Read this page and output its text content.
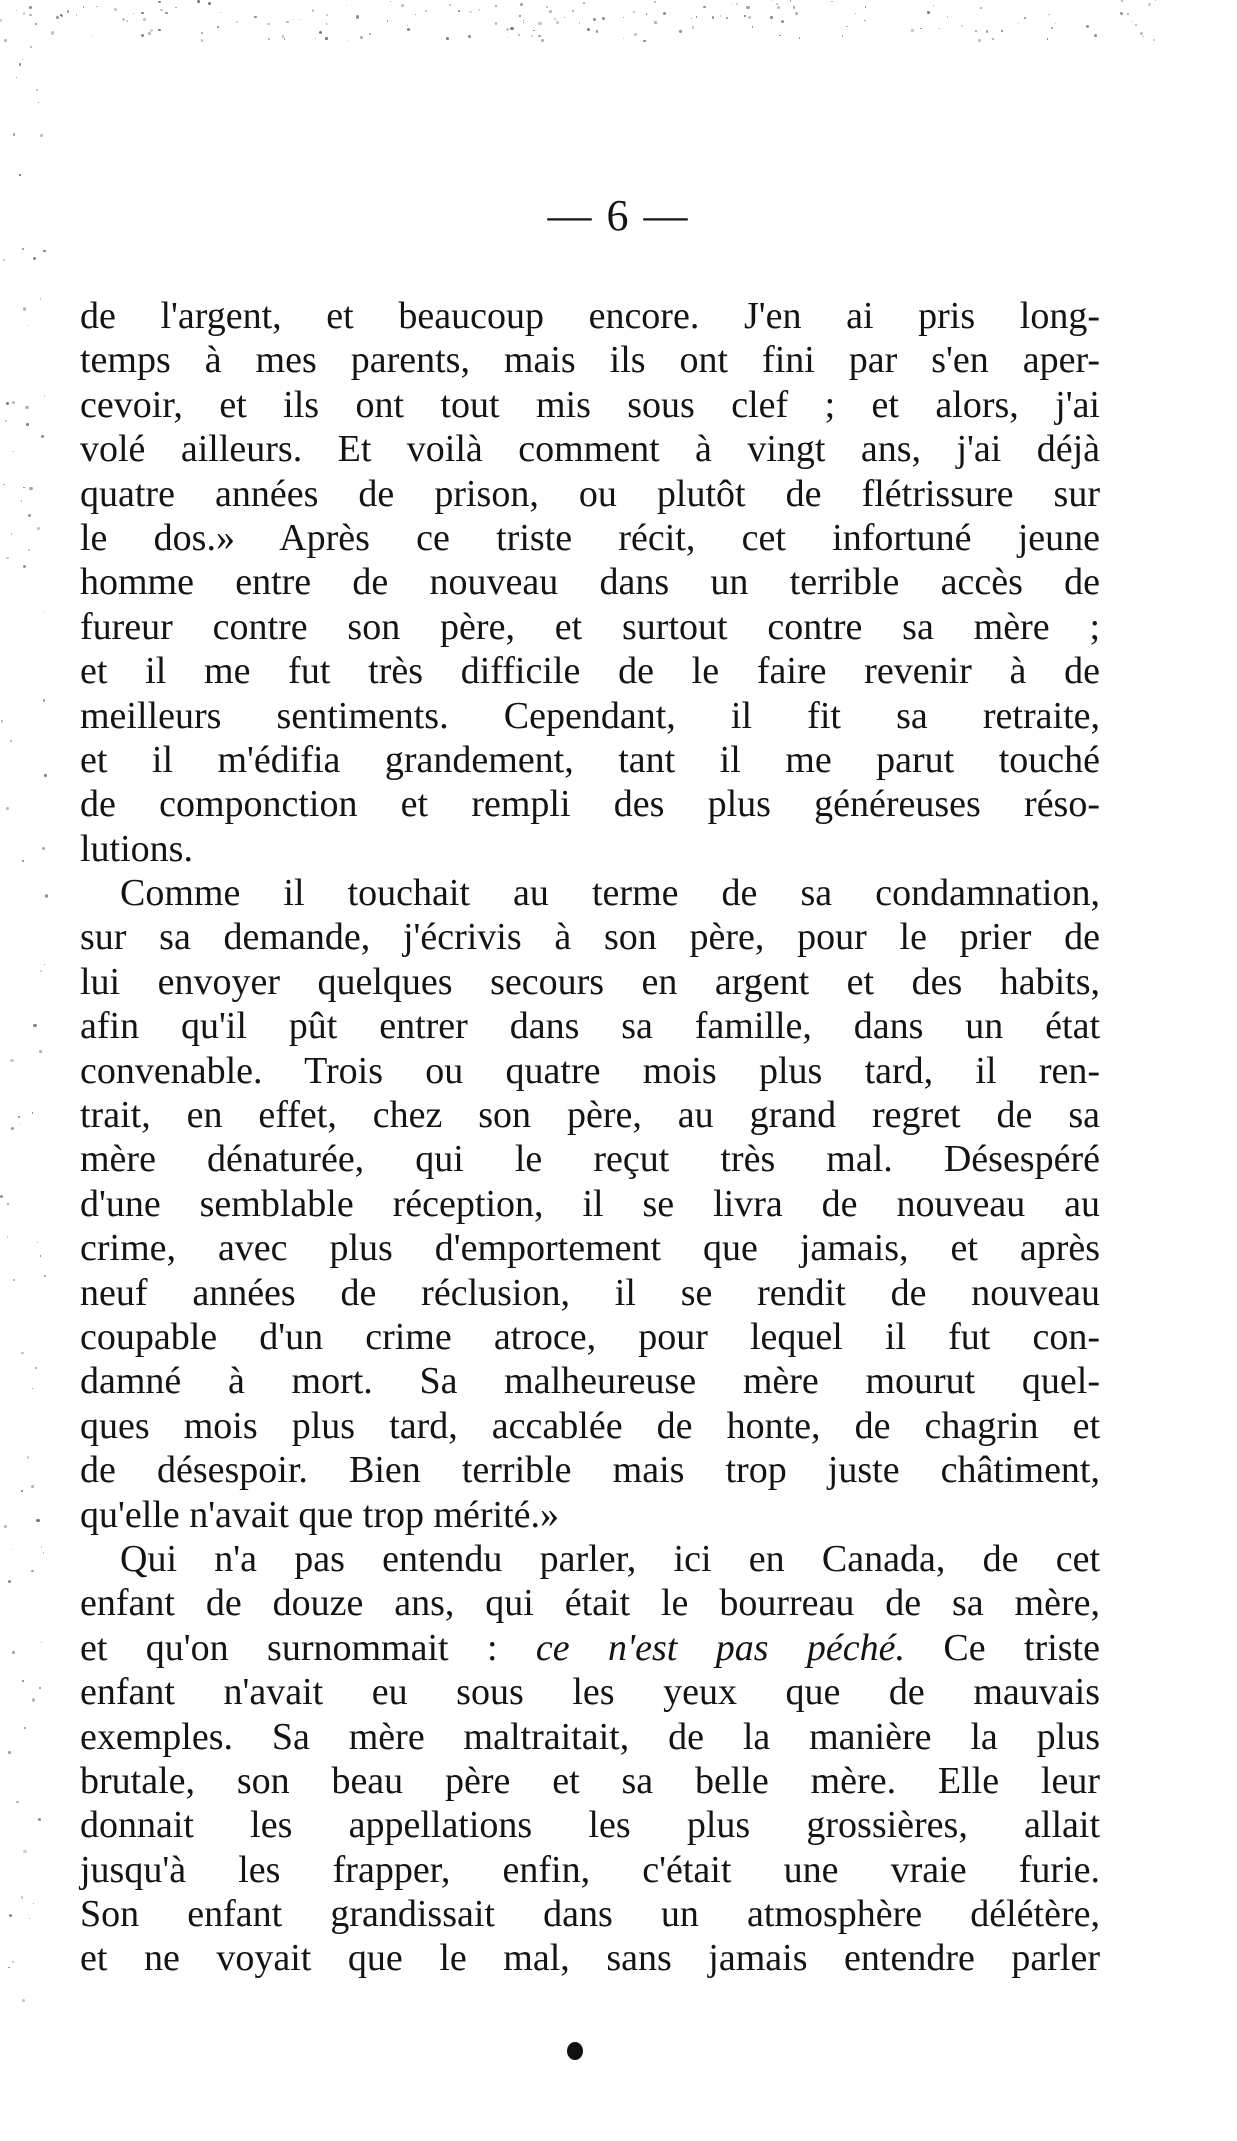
— 6 —
de l'argent, et beaucoup encore. J'en ai pris long-
temps à mes parents, mais ils ont fini par s'en aper-
cevoir, et ils ont tout mis sous clef ; et alors, j'ai
volé ailleurs. Et voilà comment à vingt ans, j'ai déjà
quatre années de prison, ou plutôt de flétrissure sur
le dos.» Après ce triste récit, cet infortuné jeune
homme entre de nouveau dans un terrible accès de
fureur contre son père, et surtout contre sa mère ;
et il me fut très difficile de le faire revenir à de
meilleurs sentiments. Cependant, il fit sa retraite,
et il m'édifia grandement, tant il me parut touché
de componction et rempli des plus généreuses réso-
lutions.
Comme il touchait au terme de sa condamnation,
sur sa demande, j'écrivis à son père, pour le prier de
lui envoyer quelques secours en argent et des habits,
afin qu'il pût entrer dans sa famille, dans un état
convenable. Trois ou quatre mois plus tard, il ren-
trait, en effet, chez son père, au grand regret de sa
mère dénaturée, qui le reçut très mal. Désespéré
d'une semblable réception, il se livra de nouveau au
crime, avec plus d'emportement que jamais, et après
neuf années de réclusion, il se rendit de nouveau
coupable d'un crime atroce, pour lequel il fut con-
damné à mort. Sa malheureuse mère mourut quel-
ques mois plus tard, accablée de honte, de chagrin et
de désespoir. Bien terrible mais trop juste châtiment,
qu'elle n'avait que trop mérité.»
Qui n'a pas entendu parler, ici en Canada, de cet
enfant de douze ans, qui était le bourreau de sa mère,
et qu'on surnommait : ce n'est pas péché. Ce triste
enfant n'avait eu sous les yeux que de mauvais
exemples. Sa mère maltraitait, de la manière la plus
brutale, son beau père et sa belle mère. Elle leur
donnait les appellations les plus grossières, allait
jusqu'à les frapper, enfin, c'était une vraie furie.
Son enfant grandissait dans un atmosphère délétère,
et ne voyait que le mal, sans jamais entendre parler
